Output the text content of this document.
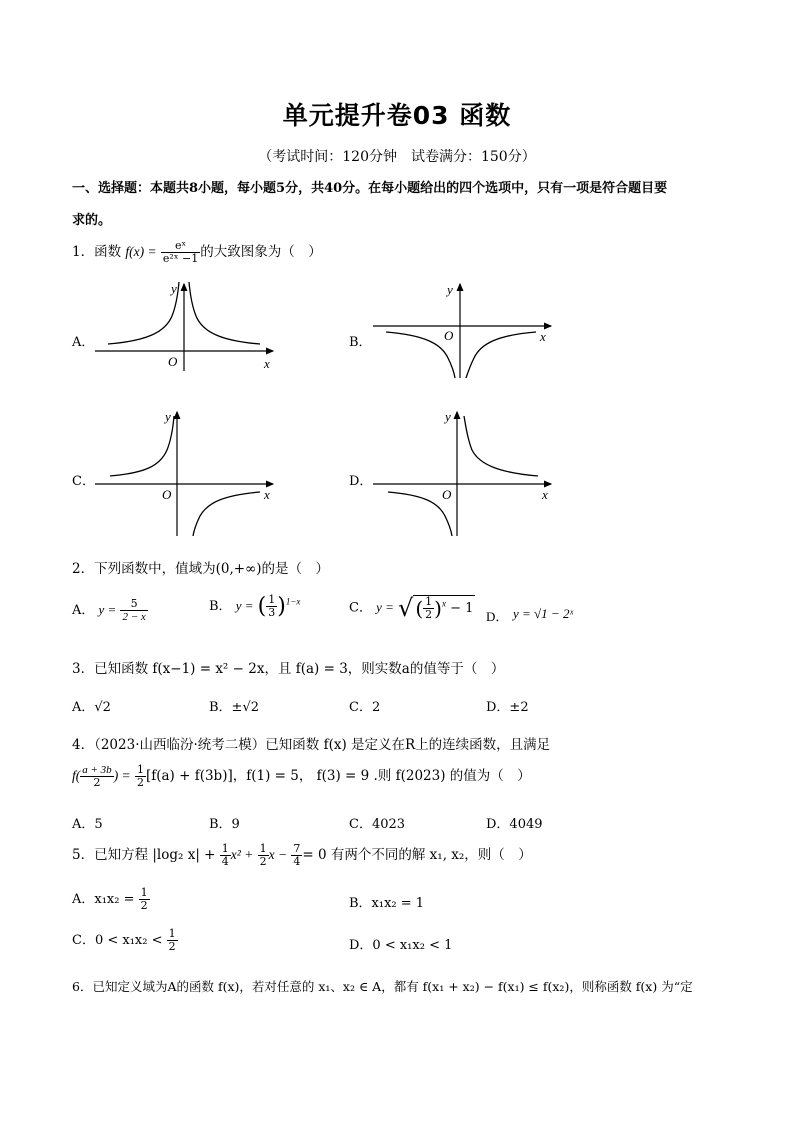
单元提升卷03 函数
（考试时间：120分钟　试卷满分：150分）
一、选择题：本题共8小题，每小题5分，共40分。在每小题给出的四个选项中，只有一项是符合题目要
求的。
1．函数 $f(x) = \frac{\text{eˣ}}{\text{e²ˣ −1}}$ 的大致图象为（　）
A．	B．
C．	D．
O	x
y
O	x
y
O	x
y
O	x
y
2．下列函数中，值域为(0,+∞)的是（　）
A． $y = \frac{5}{2 - x}$	B． y = ( $\frac{1}{3} )^{1-x}$	C． y = √ ( $\frac{1}{2} )^x - 1$
D． y = √1 − 2ˣ
3．已知函数 f(x−1) = x² − 2x，且 f(a) = 3，则实数a的值等于（　）
A．√2	B．±√2	C．2	D．±2
4．（2023·山西临汾·统考二模）已知函数 f(x) 是定义在R上的连续函数，且满足
$f( \frac{a + 3b}{2}$ ) = $\frac{1}{2} [f(a) + f(3b)]$，f(1) = 5， f(3) = 9 .则 f(2023) 的值为（　）
A．5	B．9	C．4023	D．4049
5．已知方程 |log₂ $x| + \frac{1}{4} x^2 + \frac{1}{2}$ $x - \frac{7}{4} = 0$ 有两个不同的解 x₁, x₂，则（　）
A．$x_1x_2 = \frac{1}{2}$	B．x₁x₂ = 1
C．$0 < x_1x_2 < \frac{1}{2}$	D．0 < x₁x₂ < 1
6．已知定义域为A的函数 f(x)，若对任意的 x₁、x₂ ∈ A，都有 f(x₁ + x₂) − f(x₁) ≤ f(x₂)，则称函数 f(x) 为“定
